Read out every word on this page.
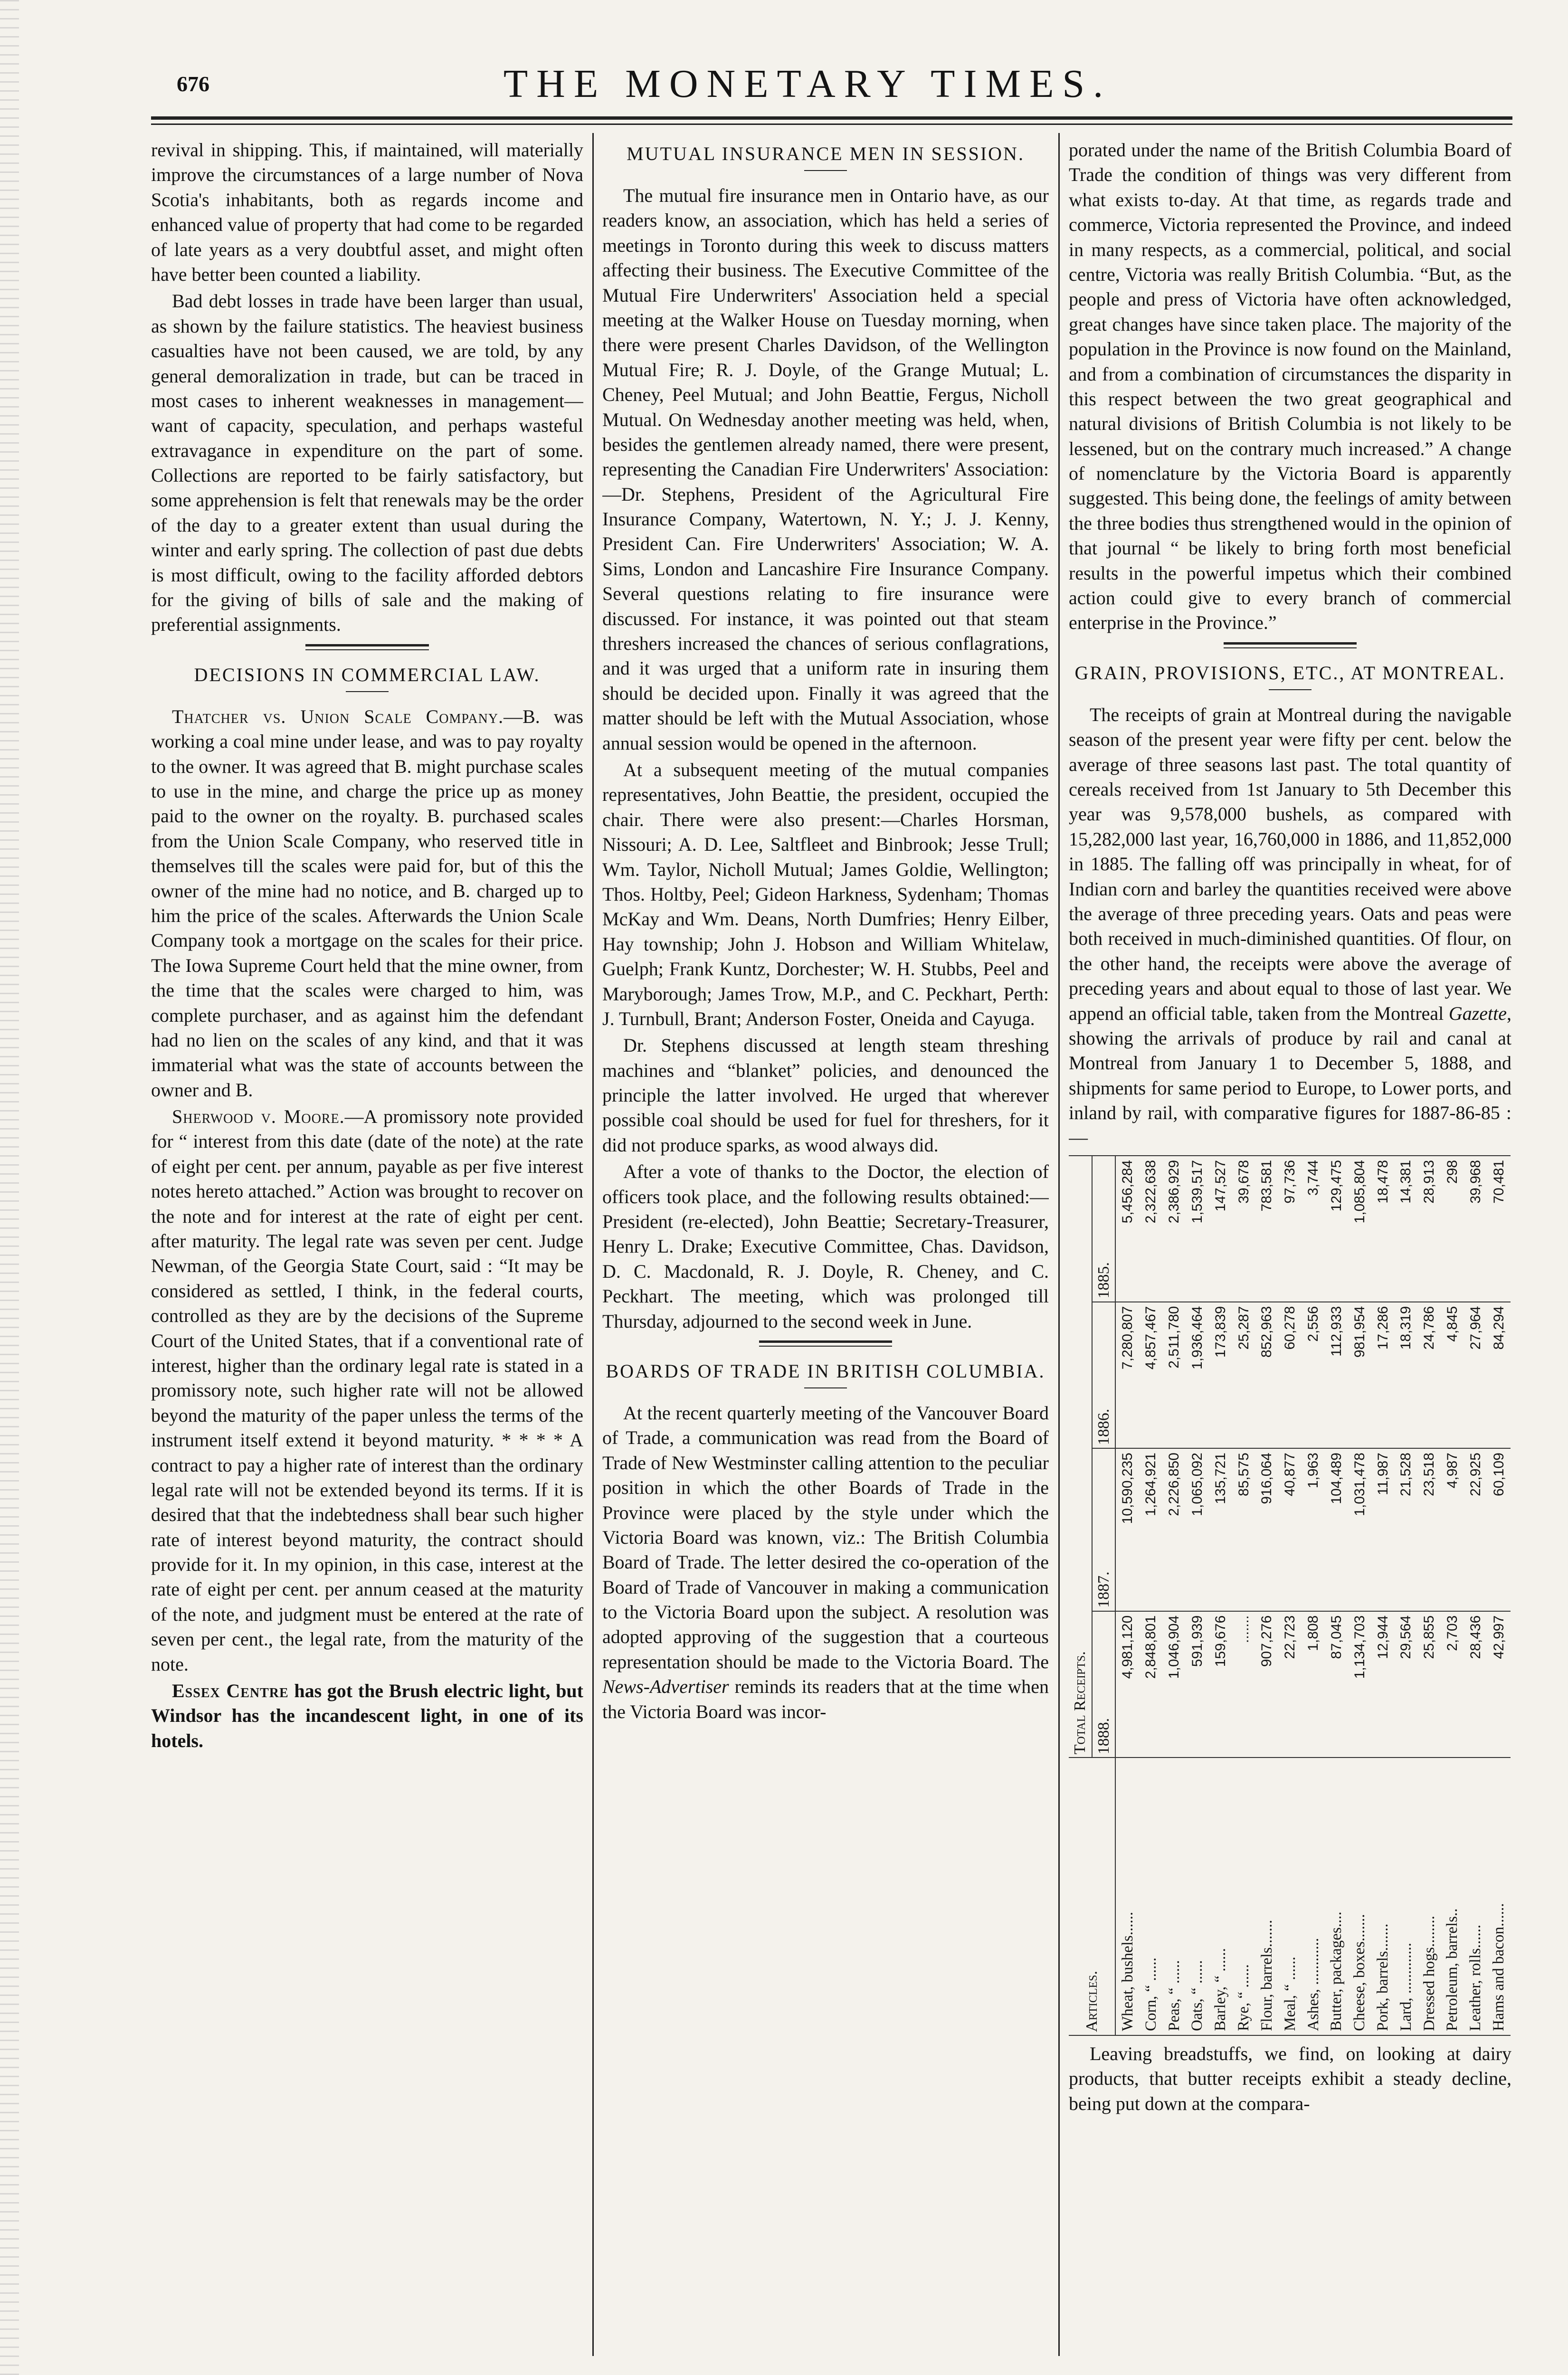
676	THE MONETARY TIMES.

revival in shipping. This, if maintained, will materially improve the circumstances of a large number of Nova Scotia's inhabitants, both as regards income and enhanced value of property that had come to be regarded of late years as a very doubtful asset, and might often have better been counted a liability.

Bad debt losses in trade have been larger than usual, as shown by the failure statistics. The heaviest business casualties have not been caused, we are told, by any general demoralization in trade, but can be traced in most cases to inherent weaknesses in management—want of capacity, speculation, and perhaps wasteful extravagance in expenditure on the part of some. Collections are reported to be fairly satisfactory, but some apprehension is felt that renewals may be the order of the day to a greater extent than usual during the winter and early spring. The collection of past due debts is most difficult, owing to the facility afforded debtors for the giving of bills of sale and the making of preferential assignments.

DECISIONS IN COMMERCIAL LAW.

Thatcher vs. Union Scale Company.—B. was working a coal mine under lease, and was to pay royalty to the owner. It was agreed that B. might purchase scales to use in the mine, and charge the price up as money paid to the owner on the royalty. B. purchased scales from the Union Scale Company, who reserved title in themselves till the scales were paid for, but of this the owner of the mine had no notice, and B. charged up to him the price of the scales. Afterwards the Union Scale Company took a mortgage on the scales for their price. The Iowa Supreme Court held that the mine owner, from the time that the scales were charged to him, was complete purchaser, and as against him the defendant had no lien on the scales of any kind, and that it was immaterial what was the state of accounts between the owner and B.

Sherwood v. Moore.—A promissory note provided for “ interest from this date (date of the note) at the rate of eight per cent. per annum, payable as per five interest notes hereto attached.” Action was brought to recover on the note and for interest at the rate of eight per cent. after maturity. The legal rate was seven per cent. Judge Newman, of the Georgia State Court, said : “It may be considered as settled, I think, in the federal courts, controlled as they are by the decisions of the Supreme Court of the United States, that if a conventional rate of interest, higher than the ordinary legal rate is stated in a promissory note, such higher rate will not be allowed beyond the maturity of the paper unless the terms of the instrument itself extend it beyond maturity. * * * * A contract to pay a higher rate of interest than the ordinary legal rate will not be extended beyond its terms. If it is desired that that the indebtedness shall bear such higher rate of interest beyond maturity, the contract should provide for it. In my opinion, in this case, interest at the rate of eight per cent. per annum ceased at the maturity of the note, and judgment must be entered at the rate of seven per cent., the legal rate, from the maturity of the note.

Essex Centre has got the Brush electric light, but Windsor has the incandescent light, in one of its hotels.

MUTUAL INSURANCE MEN IN SESSION.

The mutual fire insurance men in Ontario have, as our readers know, an association, which has held a series of meetings in Toronto during this week to discuss matters affecting their business. The Executive Committee of the Mutual Fire Underwriters' Association held a special meeting at the Walker House on Tuesday morning, when there were present Charles Davidson, of the Wellington Mutual Fire; R. J. Doyle, of the Grange Mutual; L. Cheney, Peel Mutual; and John Beattie, Fergus, Nicholl Mutual. On Wednesday another meeting was held, when, besides the gentlemen already named, there were present, representing the Canadian Fire Underwriters' Association:—Dr. Stephens, President of the Agricultural Fire Insurance Company, Watertown, N. Y.; J. J. Kenny, President Can. Fire Underwriters' Association; W. A. Sims, London and Lancashire Fire Insurance Company. Several questions relating to fire insurance were discussed. For instance, it was pointed out that steam threshers increased the chances of serious conflagrations, and it was urged that a uniform rate in insuring them should be decided upon. Finally it was agreed that the matter should be left with the Mutual Association, whose annual session would be opened in the afternoon.

At a subsequent meeting of the mutual companies representatives, John Beattie, the president, occupied the chair. There were also present:—Charles Horsman, Nissouri; A. D. Lee, Saltfleet and Binbrook; Jesse Trull; Wm. Taylor, Nicholl Mutual; James Goldie, Wellington; Thos. Holtby, Peel; Gideon Harkness, Sydenham; Thomas McKay and Wm. Deans, North Dumfries; Henry Eilber, Hay township; John J. Hobson and William Whitelaw, Guelph; Frank Kuntz, Dorchester; W. H. Stubbs, Peel and Maryborough; James Trow, M.P., and C. Peckhart, Perth: J. Turnbull, Brant; Anderson Foster, Oneida and Cayuga.

Dr. Stephens discussed at length steam threshing machines and “blanket” policies, and denounced the principle the latter involved. He urged that wherever possible coal should be used for fuel for threshers, for it did not produce sparks, as wood always did.

After a vote of thanks to the Doctor, the election of officers took place, and the following results obtained:—President (re-elected), John Beattie; Secretary-Treasurer, Henry L. Drake; Executive Committee, Chas. Davidson, D. C. Macdonald, R. J. Doyle, R. Cheney, and C. Peckhart. The meeting, which was prolonged till Thursday, adjourned to the second week in June.

BOARDS OF TRADE IN BRITISH COLUMBIA.

At the recent quarterly meeting of the Vancouver Board of Trade, a communication was read from the Board of Trade of New Westminster calling attention to the peculiar position in which the other Boards of Trade in the Province were placed by the style under which the Victoria Board was known, viz.: The British Columbia Board of Trade. The letter desired the co-operation of the Board of Trade of Vancouver in making a communication to the Victoria Board upon the subject. A resolution was adopted approving of the suggestion that a courteous representation should be made to the Victoria Board. The News-Advertiser reminds its readers that at the time when the Victoria Board was incor-

porated under the name of the British Columbia Board of Trade the condition of things was very different from what exists to-day. At that time, as regards trade and commerce, Victoria represented the Province, and indeed in many respects, as a commercial, political, and social centre, Victoria was really British Columbia. “But, as the people and press of Victoria have often acknowledged, great changes have since taken place. The majority of the population in the Province is now found on the Mainland, and from a combination of circumstances the disparity in this respect between the two great geographical and natural divisions of British Columbia is not likely to be lessened, but on the contrary much increased.” A change of nomenclature by the Victoria Board is apparently suggested. This being done, the feelings of amity between the three bodies thus strengthened would in the opinion of that journal “ be likely to bring forth most beneficial results in the powerful impetus which their combined action could give to every branch of commercial enterprise in the Province.”

GRAIN, PROVISIONS, ETC., AT MONTREAL.

The receipts of grain at Montreal during the navigable season of the present year were fifty per cent. below the average of three seasons last past. The total quantity of cereals received from 1st January to 5th December this year was 9,578,000 bushels, as compared with 15,282,000 last year, 16,760,000 in 1886, and 11,852,000 in 1885. The falling off was principally in wheat, for of Indian corn and barley the quantities received were above the average of three preceding years. Oats and peas were both received in much-diminished quantities. Of flour, on the other hand, the receipts were above the average of preceding years and about equal to those of last year. We append an official table, taken from the Montreal Gazette, showing the arrivals of produce by rail and canal at Montreal from January 1 to December 5, 1888, and shipments for same period to Europe, to Lower ports, and inland by rail, with comparative figures for 1887-86-85 :—

Articles.	Total Receipts.			
	1888.	1887.	1886.	1885.
Wheat, bushels......	4,981,120	10,590,235	7,280,807	5,456,284
Corn, “ ......	2,848,801	1,264,921	4,857,467	2,322,638
Peas, “ ......	1,046,904	2,226,850	2,511,780	2,386,929
Oats, “ ......	591,939	1,065,092	1,936,464	1,539,517
Barley, “ ......	159,676	135,721	173,839	147,527
Rye, “ ......	.......	85,575	25,287	39,678
Flour, barrels.......	907,276	916,064	852,963	783,581
Meal, “ ......	22,723	40,877	60,278	97,736
Ashes, ............	1,808	1,963	2,556	3,744
Butter, packages....	87,045	104,489	112,933	129,475
Cheese, boxes.......	1,134,703	1,031,478	981,954	1,085,804
Pork, barrels.......	12,944	11,987	17,286	18,478
Lard, .............	29,564	21,528	18,319	14,381
Dressed hogs........	25,855	23,518	24,786	28,913
Petroleum, barrels..	2,703	4,987	4,845	298
Leather, rolls......	28,436	22,925	27,964	39,968
Hams and bacon......	42,997	60,109	84,294	70,481

Leaving breadstuffs, we find, on looking at dairy products, that butter receipts exhibit a steady decline, being put down at the compara-
